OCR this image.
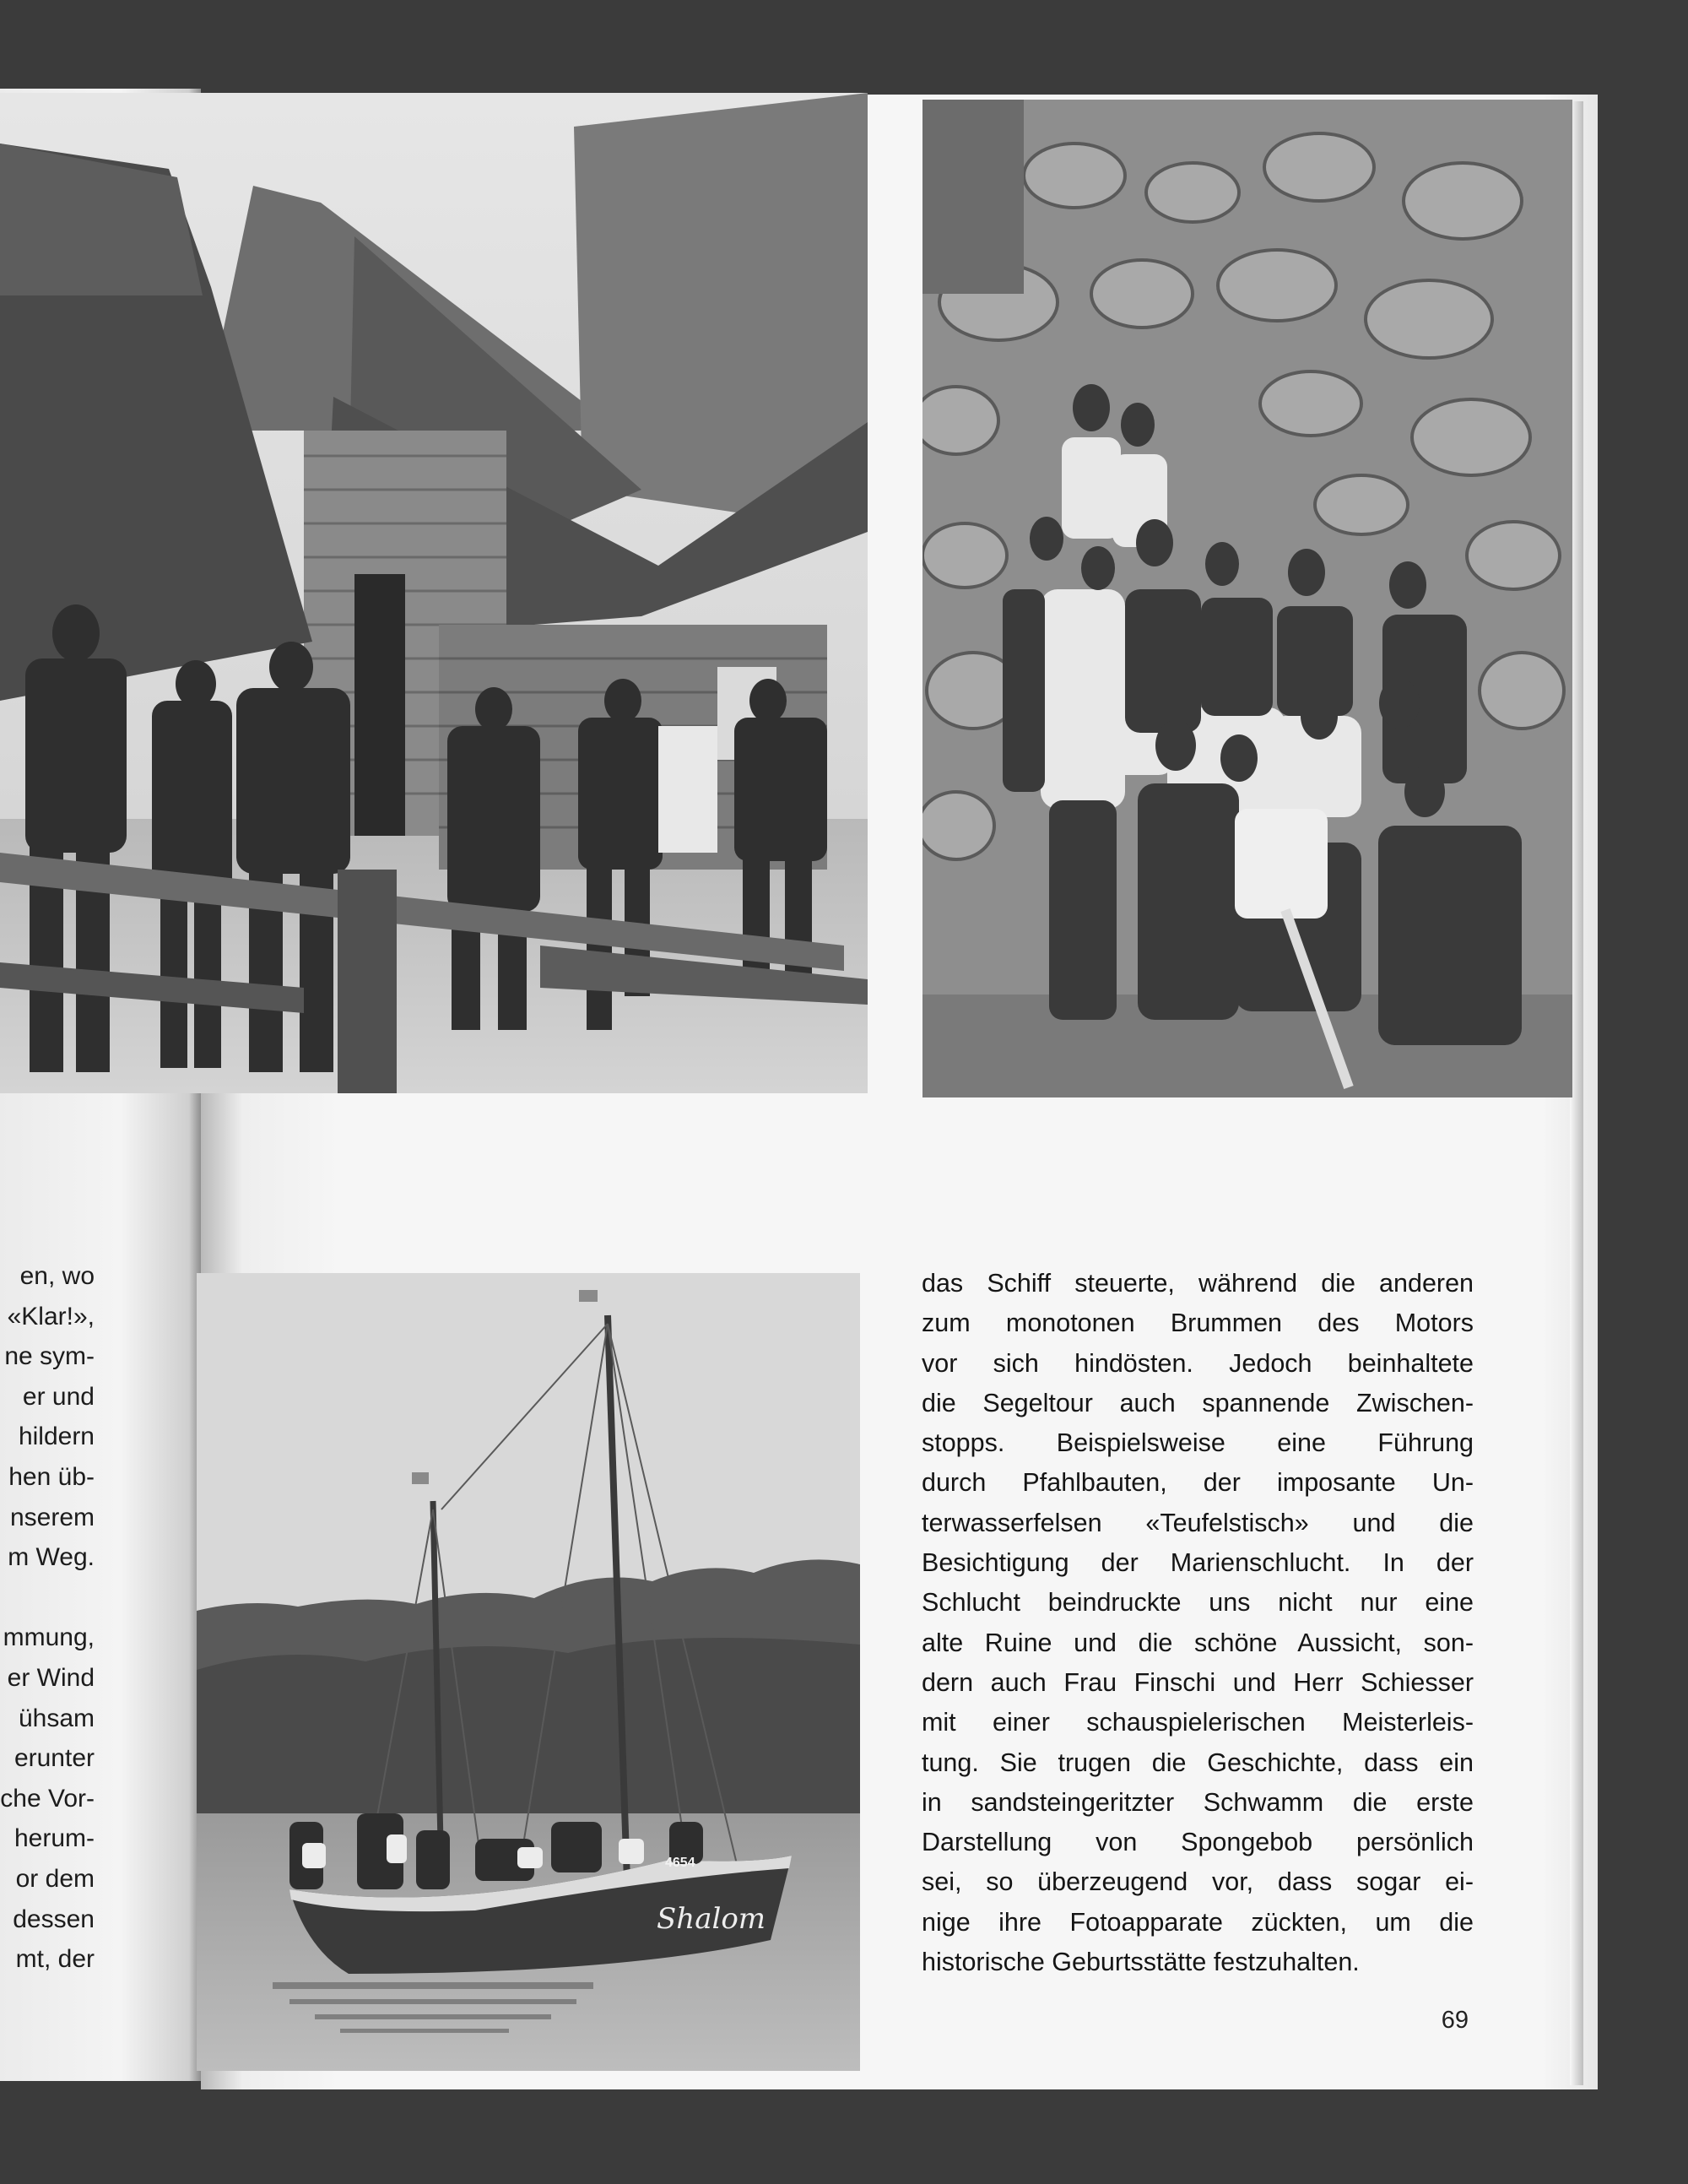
Shalom
4654
en, wo
«Klar!»,
ne sym-
er und
hildern
hen üb-
nserem
m Weg.
mmung,
er Wind
ühsam
erunter
che Vor-
herum-
or dem
dessen
mt, der
das Schiff steuerte, während die anderen
zum monotonen Brummen des Motors
vor sich hindösten. Jedoch beinhaltete
die Segeltour auch spannende Zwischen-
stopps. Beispielsweise eine Führung
durch Pfahlbauten, der imposante Un-
terwasserfelsen «Teufelstisch» und die
Besichtigung der Marienschlucht. In der
Schlucht beindruckte uns nicht nur eine
alte Ruine und die schöne Aussicht, son-
dern auch Frau Finschi und Herr Schiesser
mit einer schauspielerischen Meisterleis-
tung. Sie trugen die Geschichte, dass ein
in sandsteingeritzter Schwamm die erste
Darstellung von Spongebob persönlich
sei, so überzeugend vor, dass sogar ei-
nige ihre Fotoapparate zückten, um die
historische Geburtsstätte festzuhalten.
69
